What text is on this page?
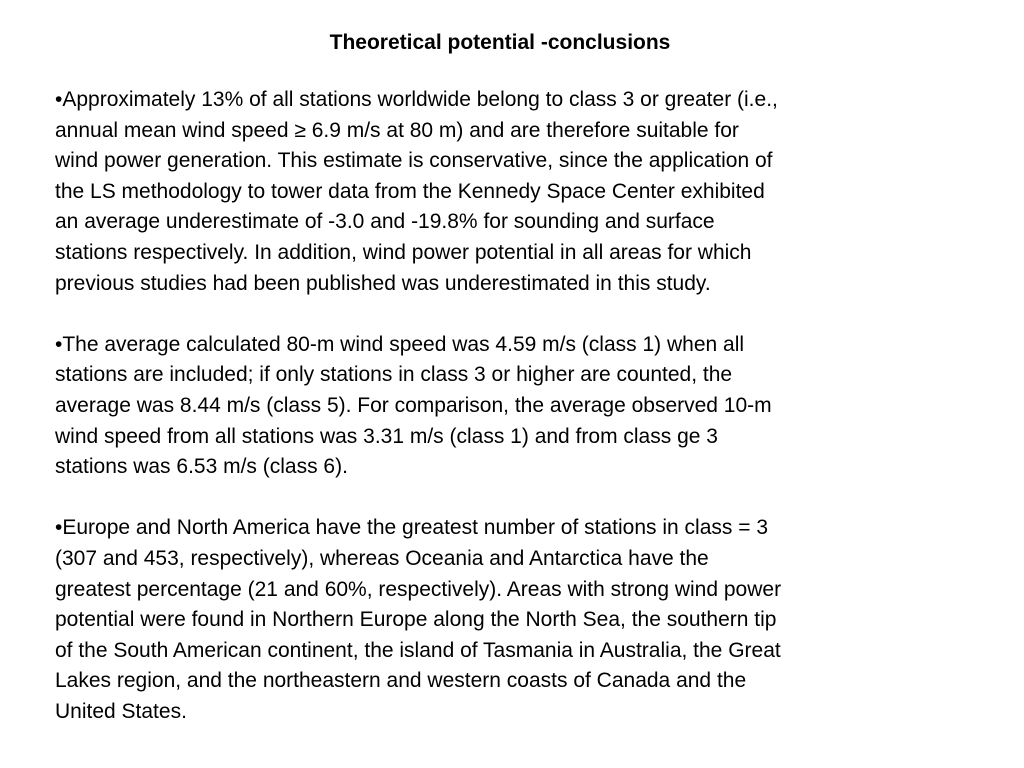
Theoretical potential -conclusions

•Approximately 13% of all stations worldwide belong to class 3 or greater (i.e.,
annual mean wind speed ≥ 6.9 m/s at 80 m) and are therefore suitable for
wind power generation. This estimate is conservative, since the application of
the LS methodology to tower data from the Kennedy Space Center exhibited
an average underestimate of -3.0 and -19.8% for sounding and surface
stations respectively. In addition, wind power potential in all areas for which
previous studies had been published was underestimated in this study.

•The average calculated 80-m wind speed was 4.59 m/s (class 1) when all
stations are included; if only stations in class 3 or higher are counted, the
average was 8.44 m/s (class 5). For comparison, the average observed 10-m
wind speed from all stations was 3.31 m/s (class 1) and from class ge 3
stations was 6.53 m/s (class 6).

•Europe and North America have the greatest number of stations in class = 3
(307 and 453, respectively), whereas Oceania and Antarctica have the
greatest percentage (21 and 60%, respectively). Areas with strong wind power
potential were found in Northern Europe along the North Sea, the southern tip
of the South American continent, the island of Tasmania in Australia, the Great
Lakes region, and the northeastern and western coasts of Canada and the
United States.
